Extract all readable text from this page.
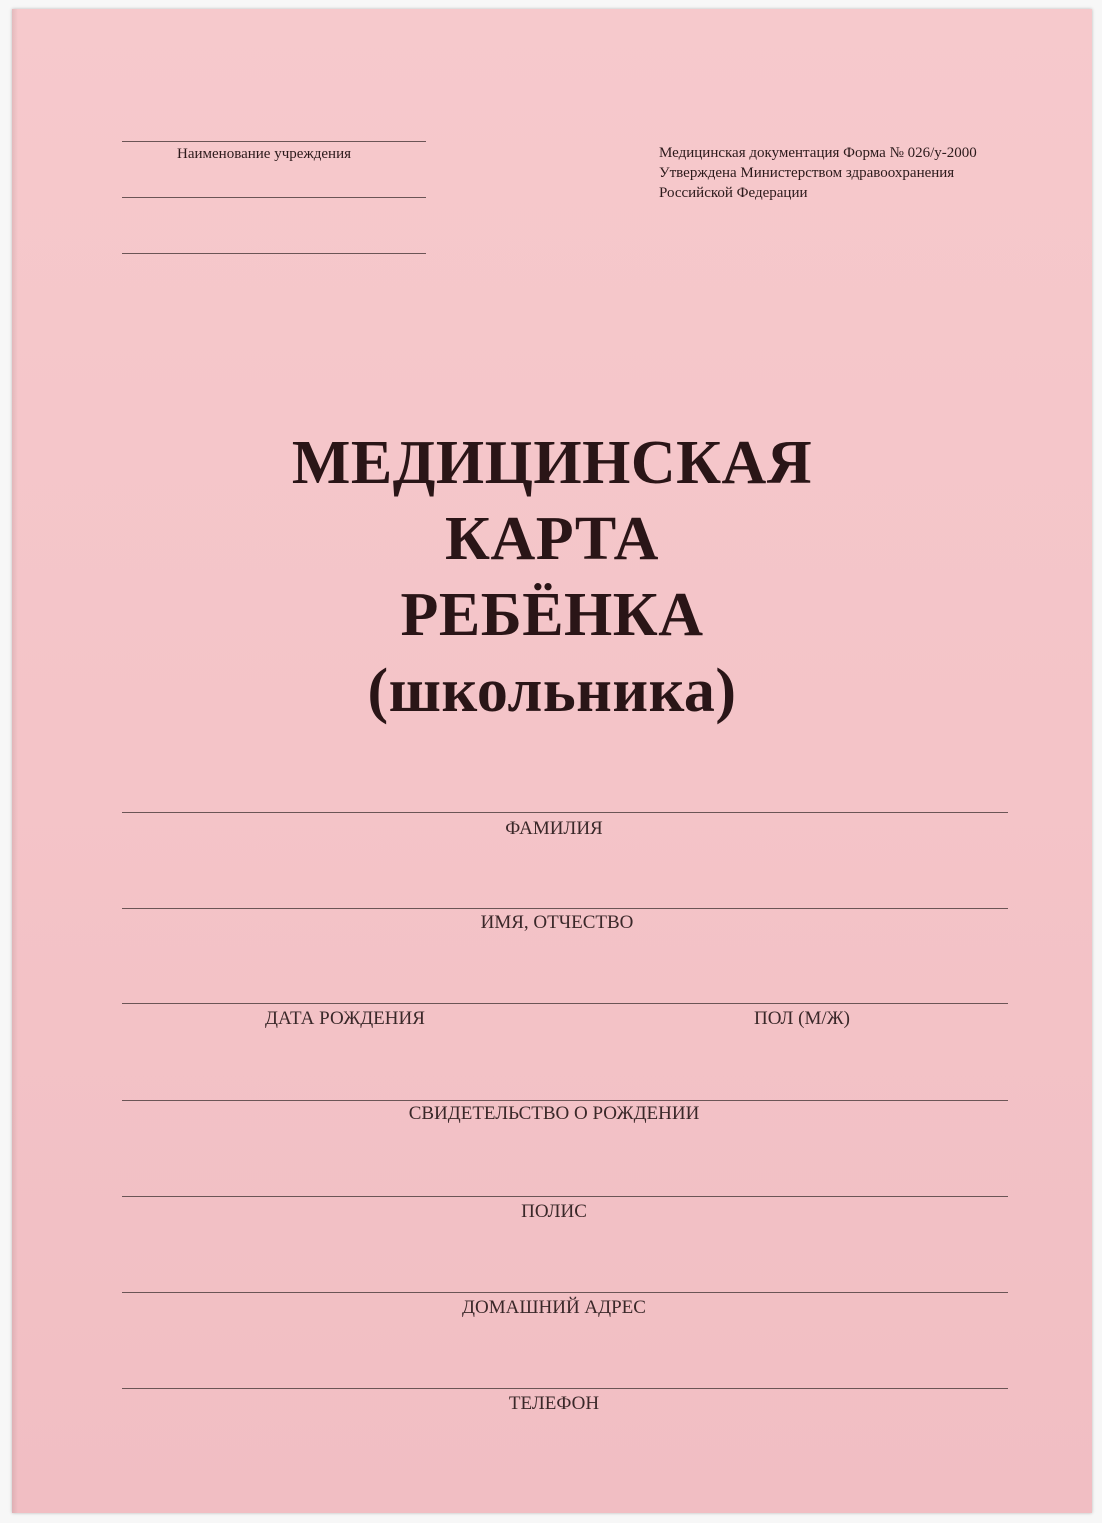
Наименование учреждения	Медицинская документация Форма № 026/у-2000
Утверждена Министерством здравоохранения
Российской Федерации
МЕДИЦИНСКАЯ
КАРТА
РЕБЁНКА
(школьника)
ФАМИЛИЯ
ИМЯ, ОТЧЕСТВО
ДАТА РОЖДЕНИЯ	ПОЛ (М/Ж)
СВИДЕТЕЛЬСТВО О РОЖДЕНИИ
ПОЛИС
ДОМАШНИЙ АДРЕС
ТЕЛЕФОН
